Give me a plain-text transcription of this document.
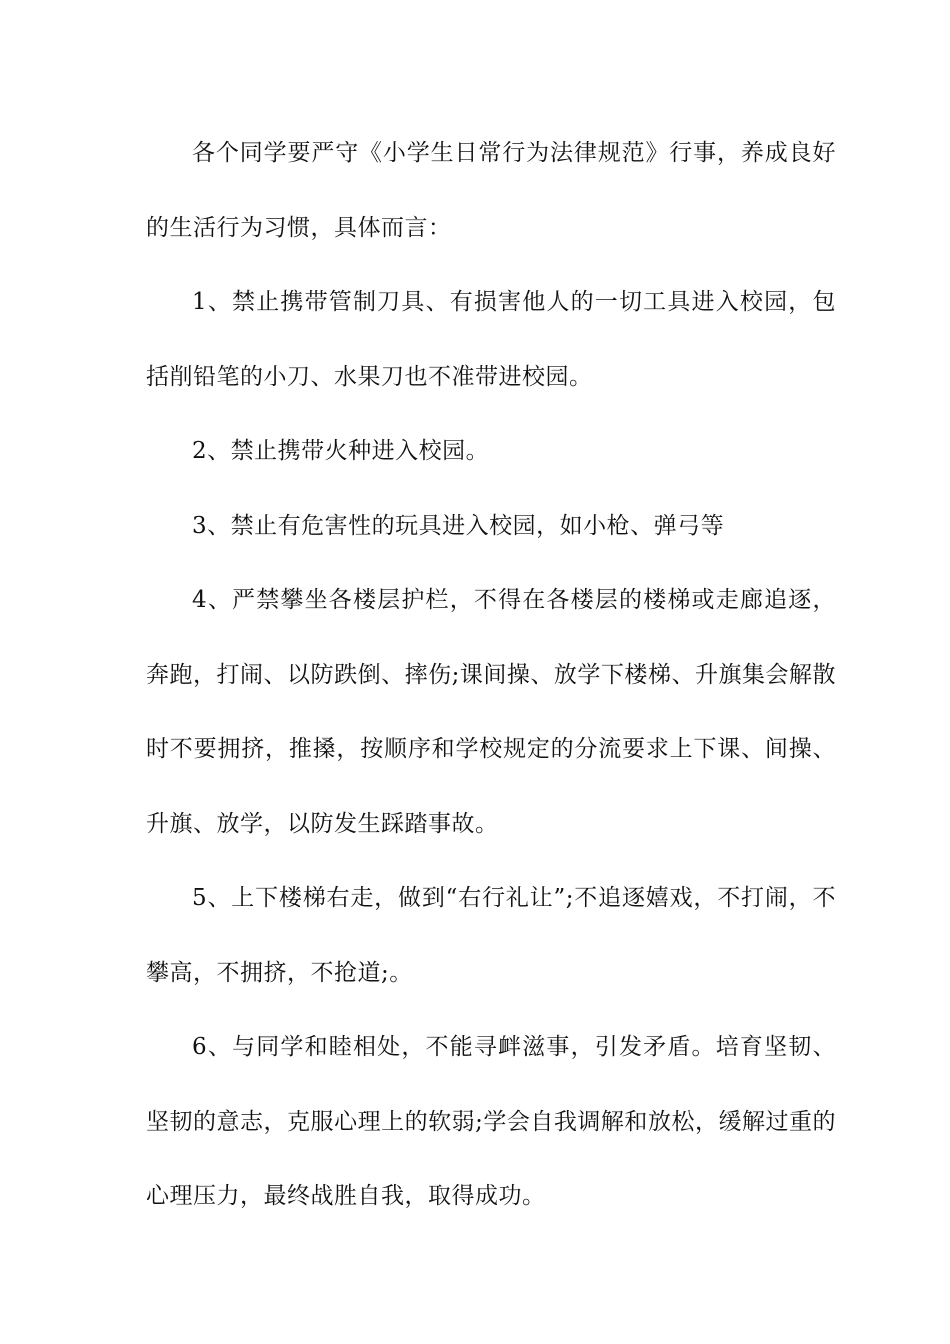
各个同学要严守《小学生日常行为法律规范》行事，养成良好的生活行为习惯，具体而言：

1、禁止携带管制刀具、有损害他人的一切工具进入校园，包括削铅笔的小刀、水果刀也不准带进校园。

2、禁止携带火种进入校园。

3、禁止有危害性的玩具进入校园，如小枪、弹弓等

4、严禁攀坐各楼层护栏，不得在各楼层的楼梯或走廊追逐，奔跑，打闹、以防跌倒、摔伤;课间操、放学下楼梯、升旗集会解散时不要拥挤，推搡，按顺序和学校规定的分流要求上下课、间操、升旗、放学，以防发生踩踏事故。

5、上下楼梯右走，做到“右行礼让”;不追逐嬉戏，不打闹，不攀高，不拥挤，不抢道;。

6、与同学和睦相处，不能寻衅滋事，引发矛盾。培育坚韧、坚韧的意志，克服心理上的软弱;学会自我调解和放松，缓解过重的心理压力，最终战胜自我，取得成功。
